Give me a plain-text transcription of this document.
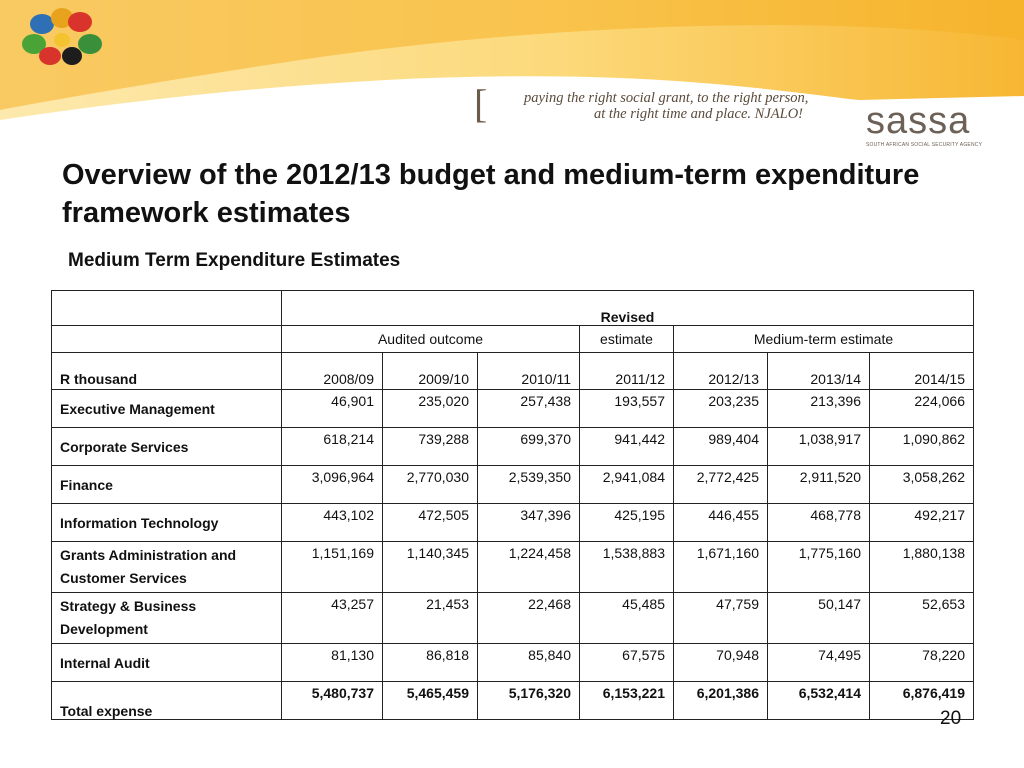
[	paying the right social grant, to the right person,
at the right time and place. NJALO! sassa
SOUTH AFRICAN SOCIAL SECURITY AGENCY
Overview of the 2012/13 budget and medium-term expenditure framework estimates
Medium Term Expenditure Estimates
	Revised						
	Audited outcome			estimate	Medium-term estimate		
R thousand	2008/09	2009/10	2010/11	2011/12	2012/13	2013/14	2014/15
Executive Management	46,901	235,020	257,438	193,557	203,235	213,396	224,066
Corporate Services	618,214	739,288	699,370	941,442	989,404	1,038,917	1,090,862
Finance	3,096,964	2,770,030	2,539,350	2,941,084	2,772,425	2,911,520	3,058,262
Information Technology	443,102	472,505	347,396	425,195	446,455	468,778	492,217
Grants Administration and
Customer Services	1,151,169	1,140,345	1,224,458	1,538,883	1,671,160	1,775,160	1,880,138
Strategy & Business
Development	43,257	21,453	22,468	45,485	47,759	50,147	52,653
Internal Audit	81,130	86,818	85,840	67,575	70,948	74,495	78,220
Total expense	5,480,737	5,465,459	5,176,320	6,153,221	6,201,386	6,532,414	6,876,419
20
